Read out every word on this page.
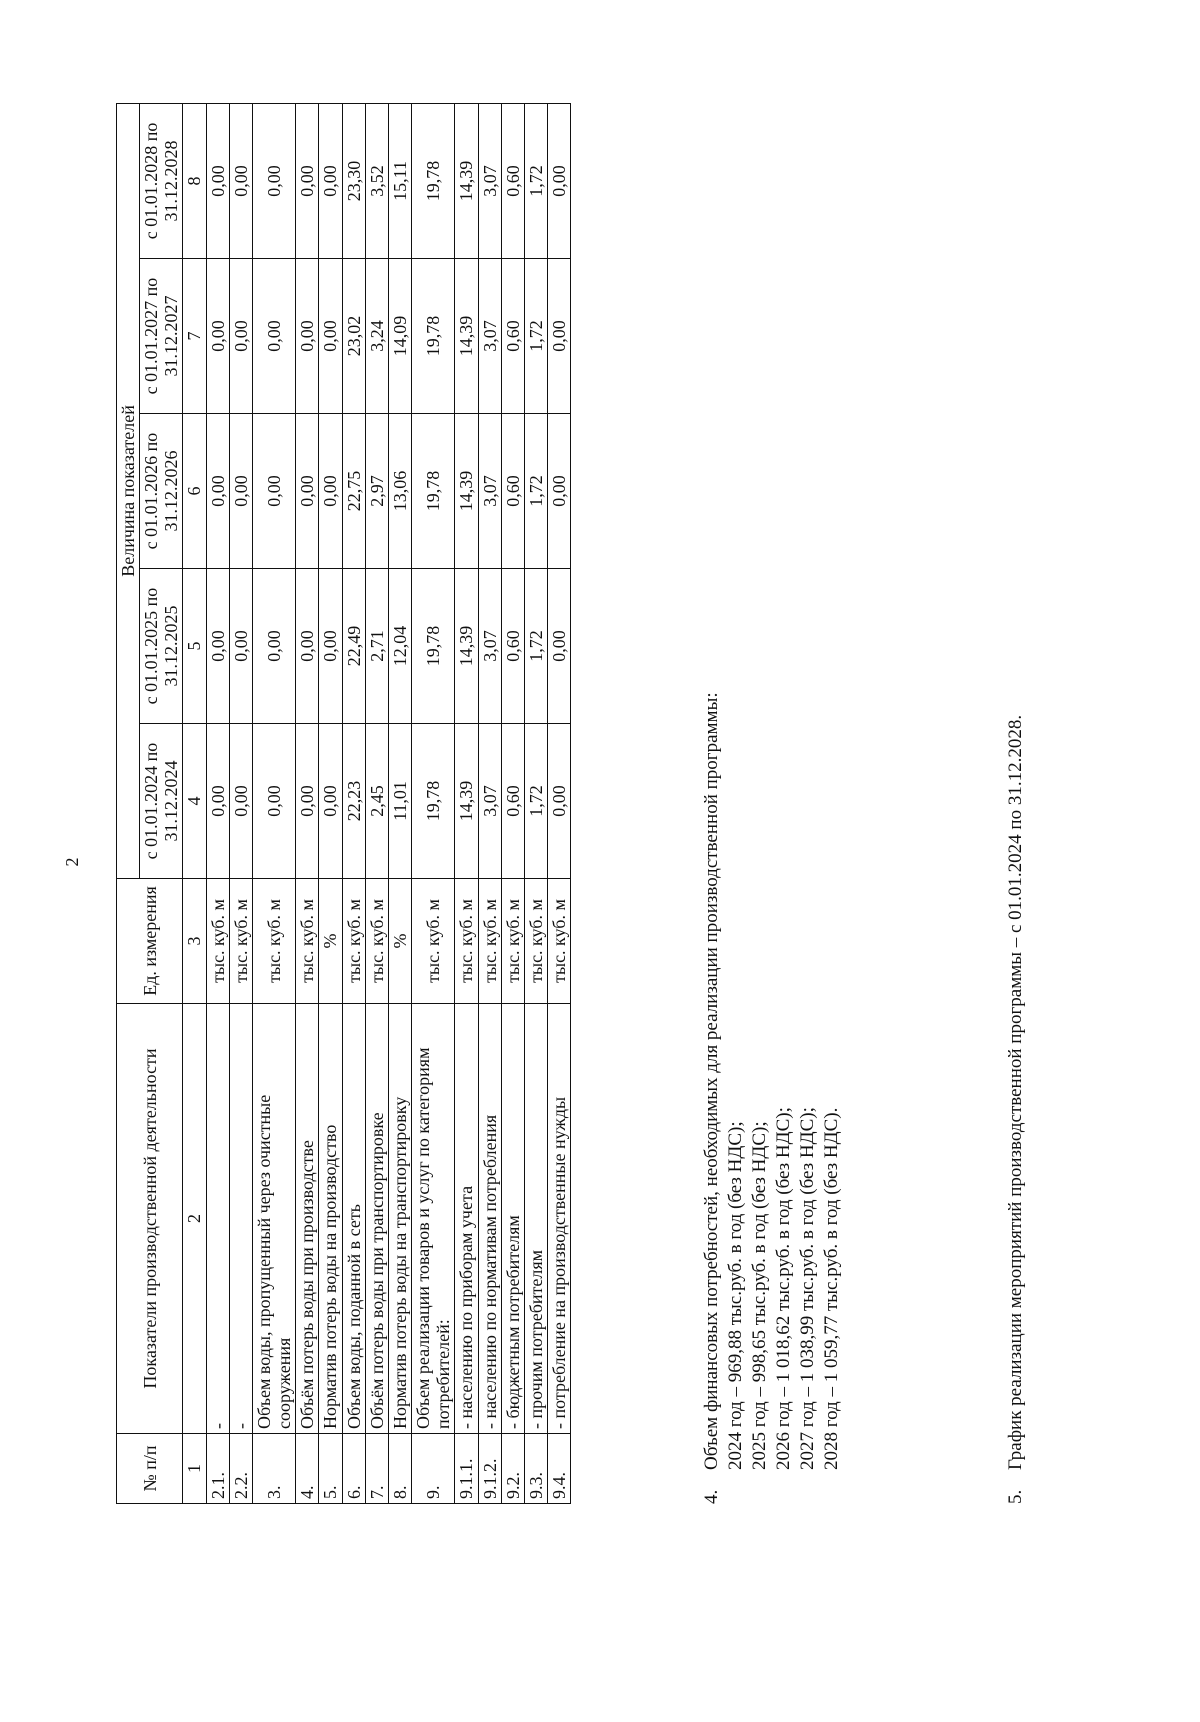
2
№ п/п	Показатели производственной деятельности	Ед. измерения	Величина показателей				
			с 01.01.2024 по 31.12.2024	с 01.01.2025 по 31.12.2025	с 01.01.2026 по 31.12.2026	с 01.01.2027 по 31.12.2027	с 01.01.2028 по 31.12.2028
1	2	3	4	5	6	7	8
2.1.	-	тыс. куб. м	0,00	0,00	0,00	0,00	0,00
2.2.	-	тыс. куб. м	0,00	0,00	0,00	0,00	0,00
3.	Объем воды, пропущенный через очистные сооружения	тыс. куб. м	0,00	0,00	0,00	0,00	0,00
4.	Объём потерь воды при производстве	тыс. куб. м	0,00	0,00	0,00	0,00	0,00
5.	Норматив потерь воды на производство	%	0,00	0,00	0,00	0,00	0,00
6.	Объем воды, поданной в сеть	тыс. куб. м	22,23	22,49	22,75	23,02	23,30
7.	Объём потерь воды при транспортировке	тыс. куб. м	2,45	2,71	2,97	3,24	3,52
8.	Норматив потерь воды на транспортировку	%	11,01	12,04	13,06	14,09	15,11
9.	Объем реализации товаров и услуг по категориям потребителей:	тыс. куб. м	19,78	19,78	19,78	19,78	19,78
9.1.1.	- населению по приборам учета	тыс. куб. м	14,39	14,39	14,39	14,39	14,39
9.1.2.	- населению по нормативам потребления	тыс. куб. м	3,07	3,07	3,07	3,07	3,07
9.2.	- бюджетным потребителям	тыс. куб. м	0,60	0,60	0,60	0,60	0,60
9.3.	- прочим потребителям	тыс. куб. м	1,72	1,72	1,72	1,72	1,72
9.4.	- потребление на производственные нужды	тыс. куб. м	0,00	0,00	0,00	0,00	0,00
4.
Объем финансовых потребностей, необходимых для реализации производственной программы: 2024 год – 969,88 тыс.руб. в год (без НДС); 2025 год – 998,65 тыс.руб. в год (без НДС); 2026 год – 1 018,62 тыс.руб. в год (без НДС); 2027 год – 1 038,99 тыс.руб. в год (без НДС); 2028 год – 1 059,77 тыс.руб. в год (без НДС).
5.
График реализации мероприятий производственной программы – с 01.01.2024 по 31.12.2028.
